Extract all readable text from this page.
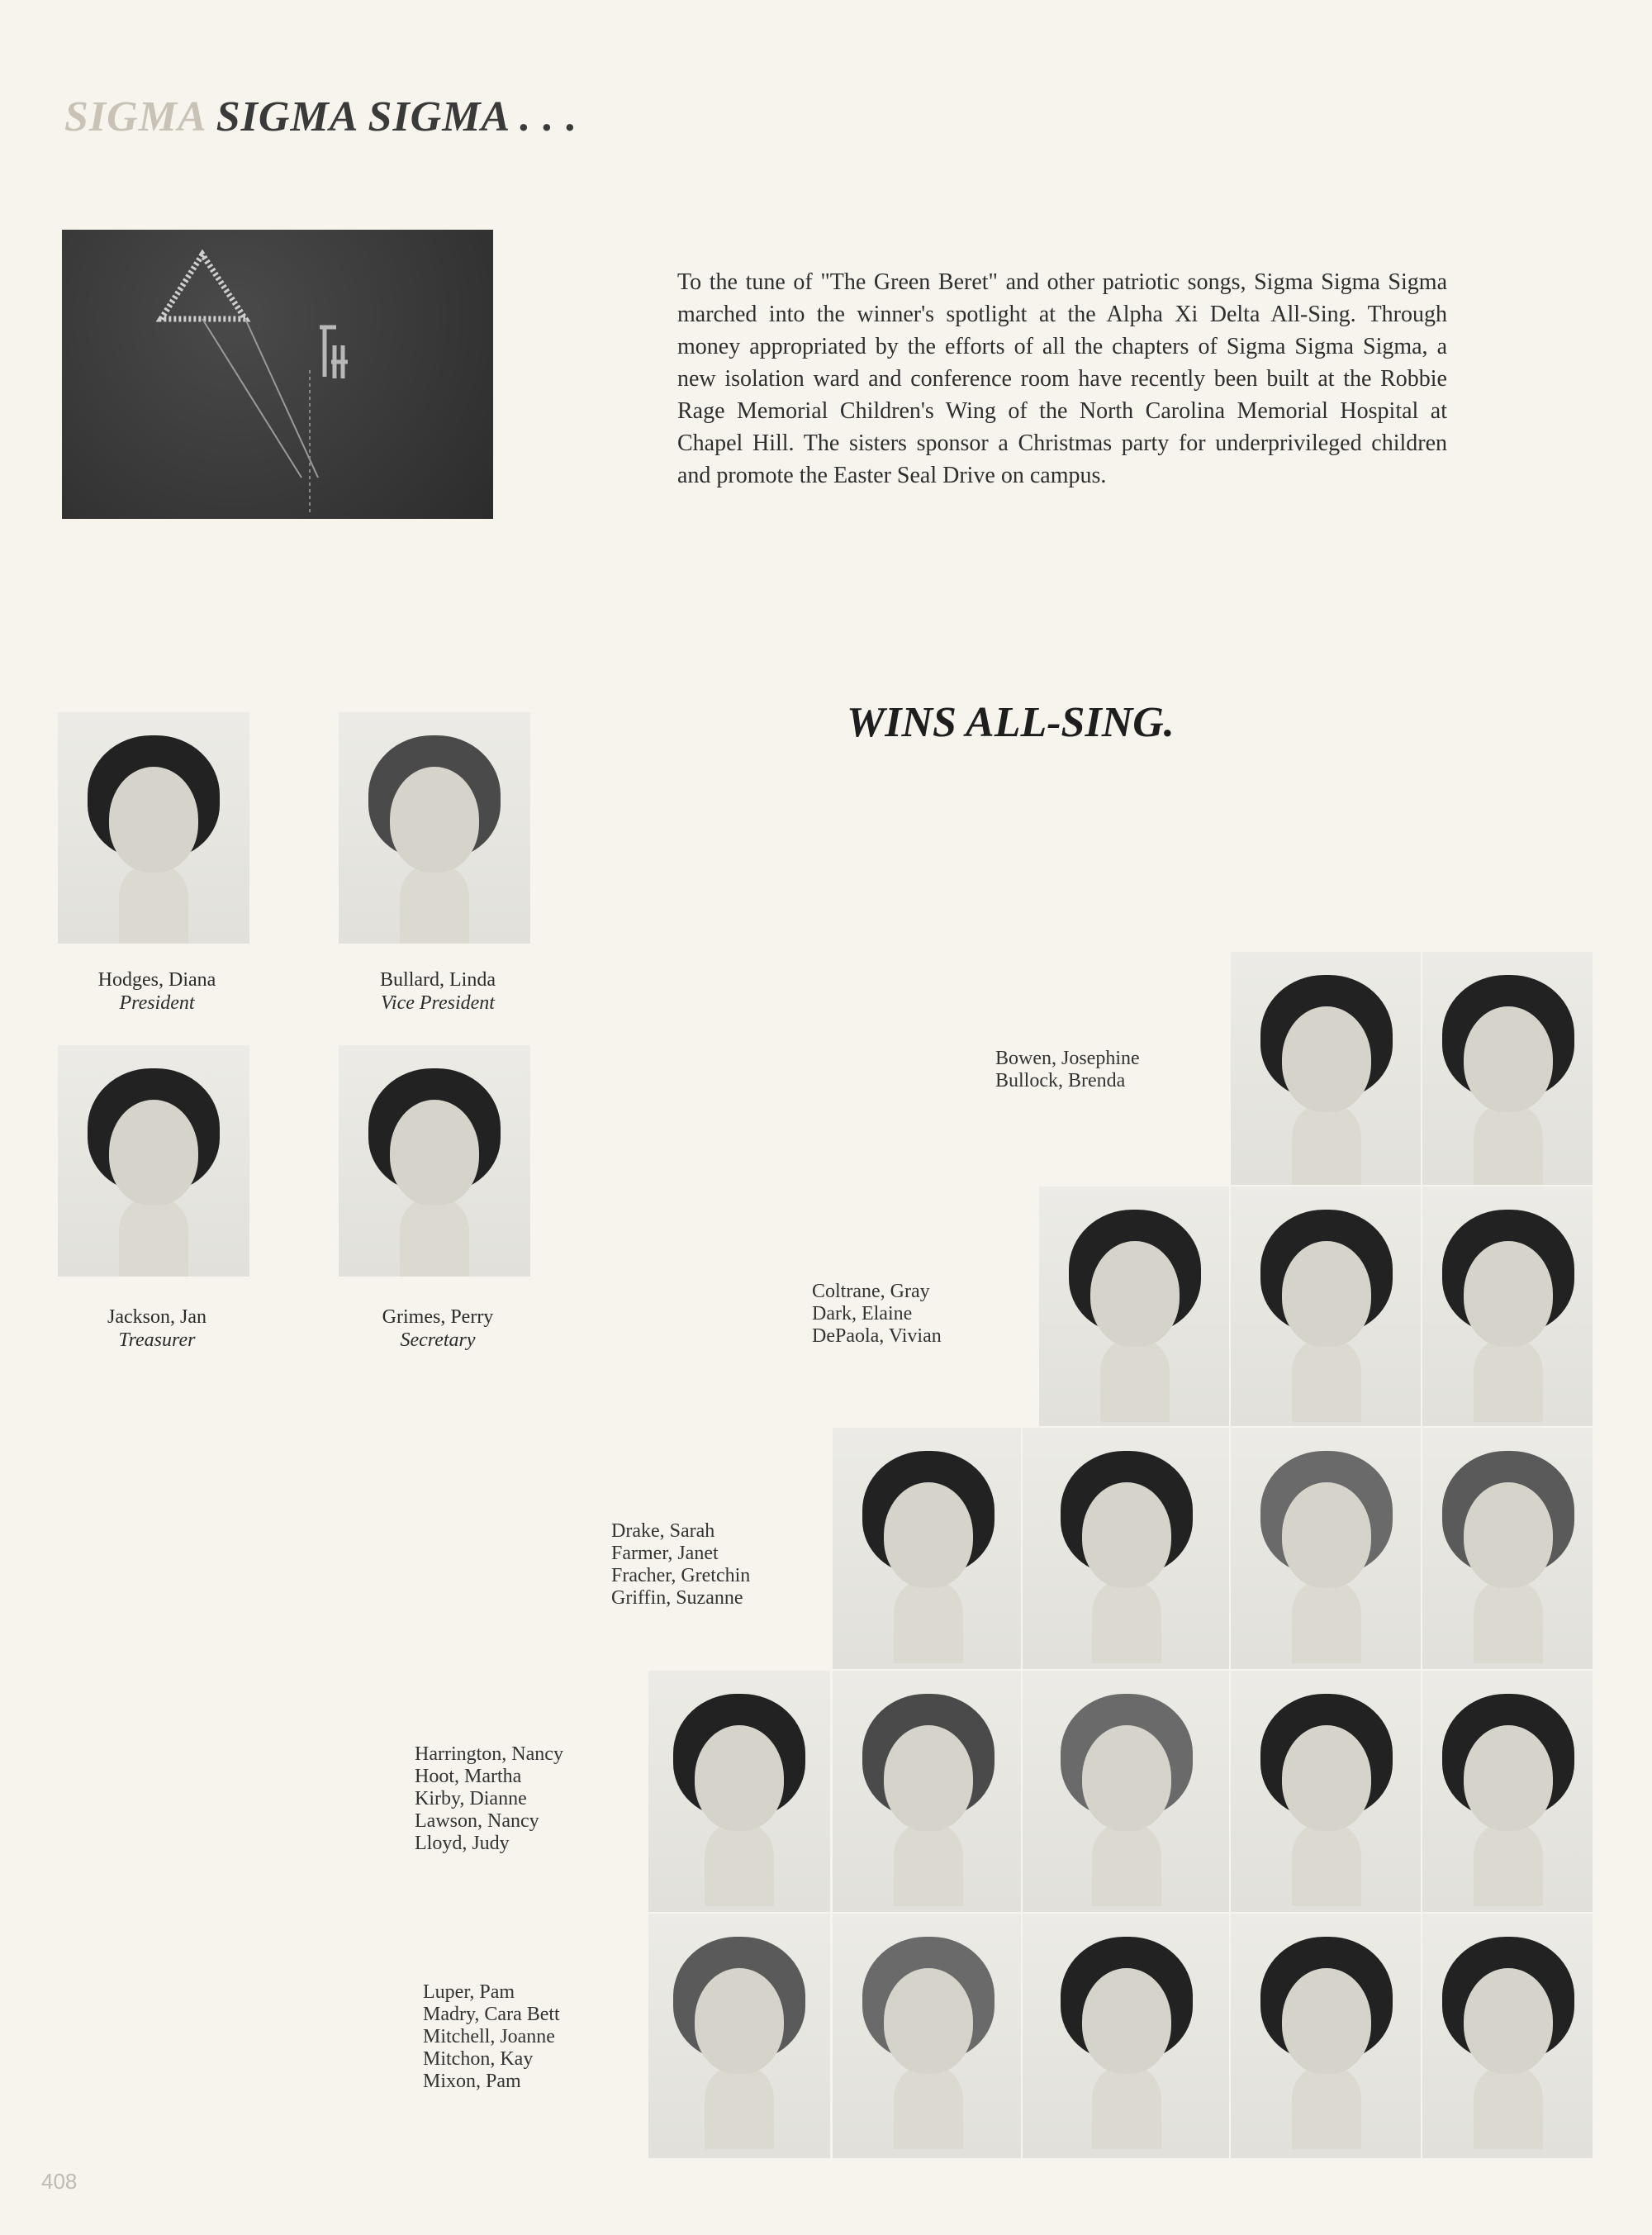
SIGMA SIGMA SIGMA . . .
To the tune of "The Green Beret" and other patriotic songs, Sigma Sigma Sigma marched into the winner's spotlight at the Alpha Xi Delta All-Sing. Through money appropriated by the efforts of all the chapters of Sigma Sigma Sigma, a new isolation ward and conference room have recently been built at the Robbie Rage Memorial Children's Wing of the North Carolina Memorial Hospital at Chapel Hill. The sisters sponsor a Christmas party for underprivileged children and promote the Easter Seal Drive on campus.
WINS ALL-SING.
Hodges, Diana
President
Bullard, Linda
Vice President
Jackson, Jan
Treasurer
Grimes, Perry
Secretary
Bowen, Josephine
Bullock, Brenda
Coltrane, Gray
Dark, Elaine
DePaola, Vivian
Drake, Sarah
Farmer, Janet
Fracher, Gretchin
Griffin, Suzanne
Harrington, Nancy
Hoot, Martha
Kirby, Dianne
Lawson, Nancy
Lloyd, Judy
Luper, Pam
Madry, Cara Bett
Mitchell, Joanne
Mitchon, Kay
Mixon, Pam
408
